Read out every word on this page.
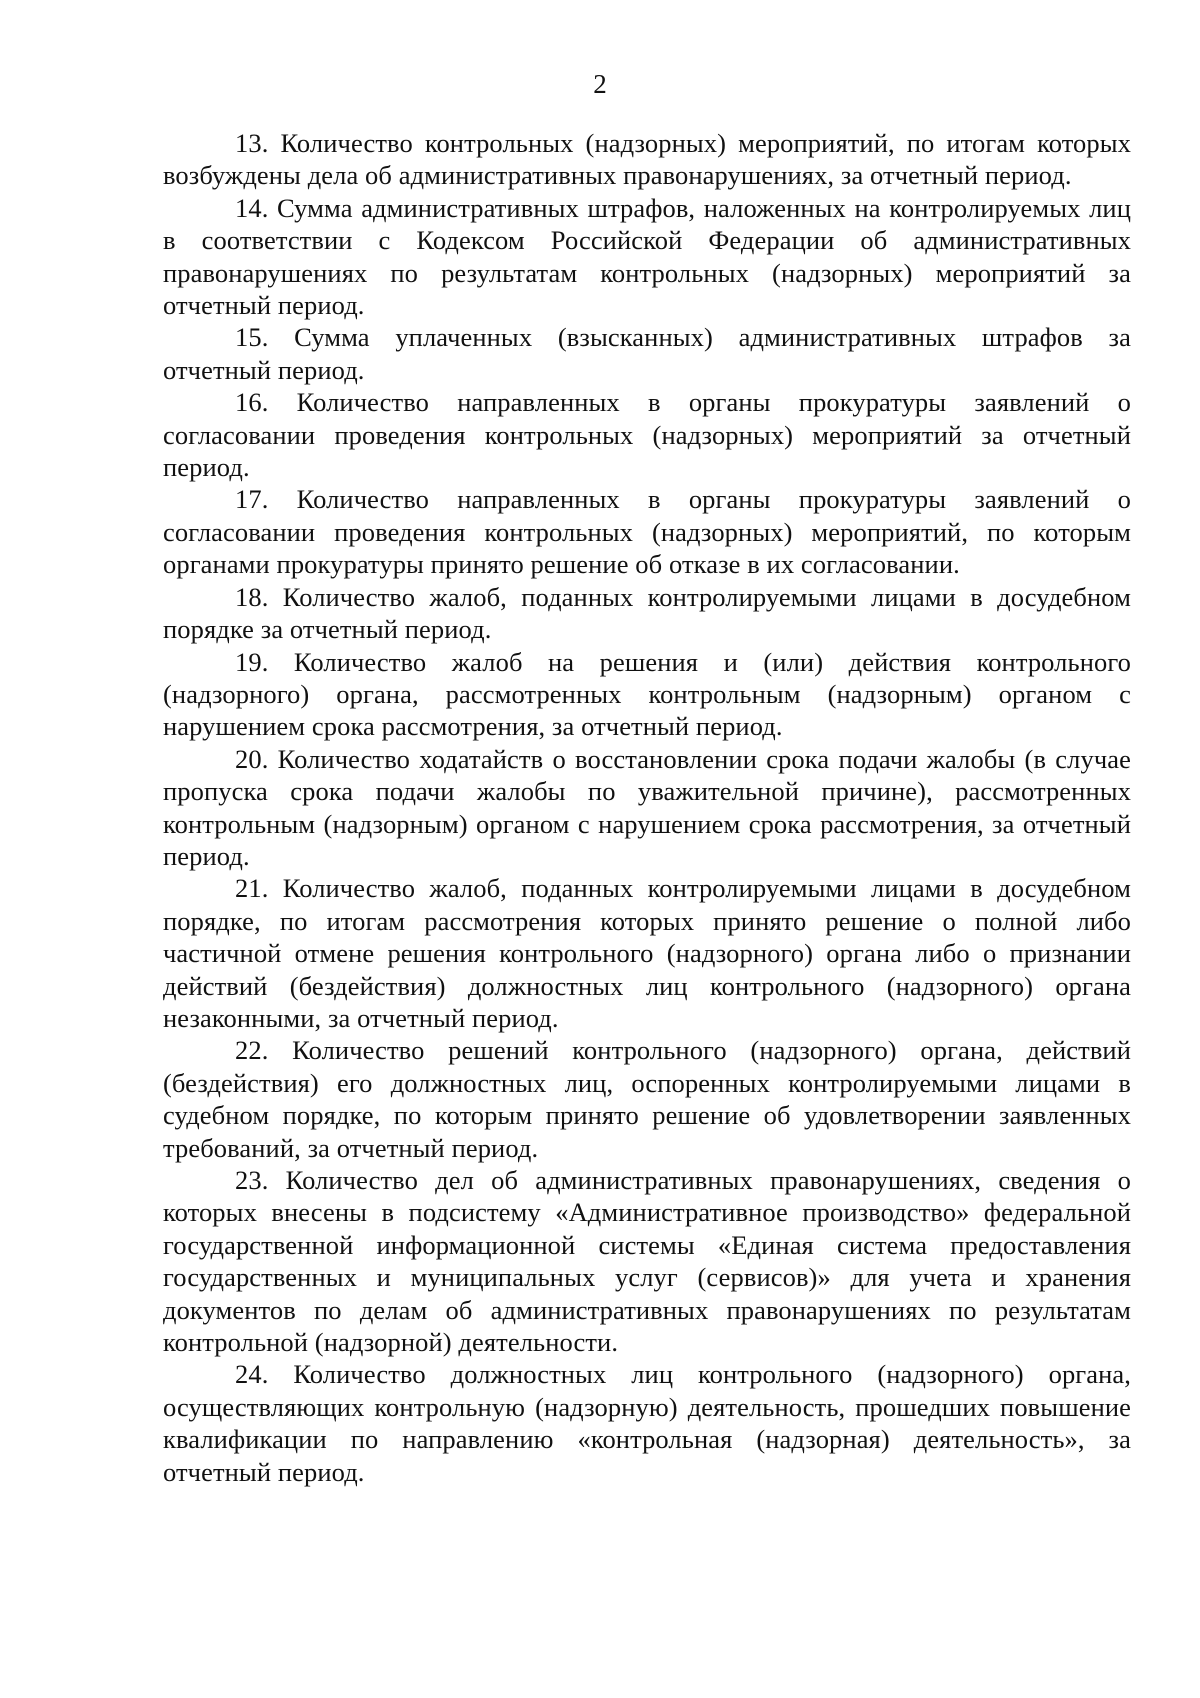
2

13. Количество контрольных (надзорных) мероприятий, по итогам которых возбуждены дела об административных правонарушениях, за отчетный период.

14. Сумма административных штрафов, наложенных на контролируемых лиц в соответствии с Кодексом Российской Федерации об административных правонарушениях по результатам контрольных (надзорных) мероприятий за отчетный период.

15. Сумма уплаченных (взысканных) административных штрафов за отчетный период.

16. Количество направленных в органы прокуратуры заявлений о согласовании проведения контрольных (надзорных) мероприятий за отчетный период.

17. Количество направленных в органы прокуратуры заявлений о согласовании проведения контрольных (надзорных) мероприятий, по которым органами прокуратуры принято решение об отказе в их согласовании.

18. Количество жалоб, поданных контролируемыми лицами в досудебном порядке за отчетный период.

19. Количество жалоб на решения и (или) действия контрольного (надзорного) органа, рассмотренных контрольным (надзорным) органом с нарушением срока рассмотрения, за отчетный период.

20. Количество ходатайств о восстановлении срока подачи жалобы (в случае пропуска срока подачи жалобы по уважительной причине), рассмотренных контрольным (надзорным) органом с нарушением срока рассмотрения, за отчетный период.

21. Количество жалоб, поданных контролируемыми лицами в досудебном порядке, по итогам рассмотрения которых принято решение о полной либо частичной отмене решения контрольного (надзорного) органа либо о признании действий (бездействия) должностных лиц контрольного (надзорного) органа незаконными, за отчетный период.

22. Количество решений контрольного (надзорного) органа, действий (бездействия) его должностных лиц, оспоренных контролируемыми лицами в судебном порядке, по которым принято решение об удовлетворении заявленных требований, за отчетный период.

23. Количество дел об административных правонарушениях, сведения о которых внесены в подсистему «Административное производство» федеральной государственной информационной системы «Единая система предоставления государственных и муниципальных услуг (сервисов)» для учета и хранения документов по делам об административных правонарушениях по результатам контрольной (надзорной) деятельности.

24. Количество должностных лиц контрольного (надзорного) органа, осуществляющих контрольную (надзорную) деятельность, прошедших повышение квалификации по направлению «контрольная (надзорная) деятельность», за отчетный период.
